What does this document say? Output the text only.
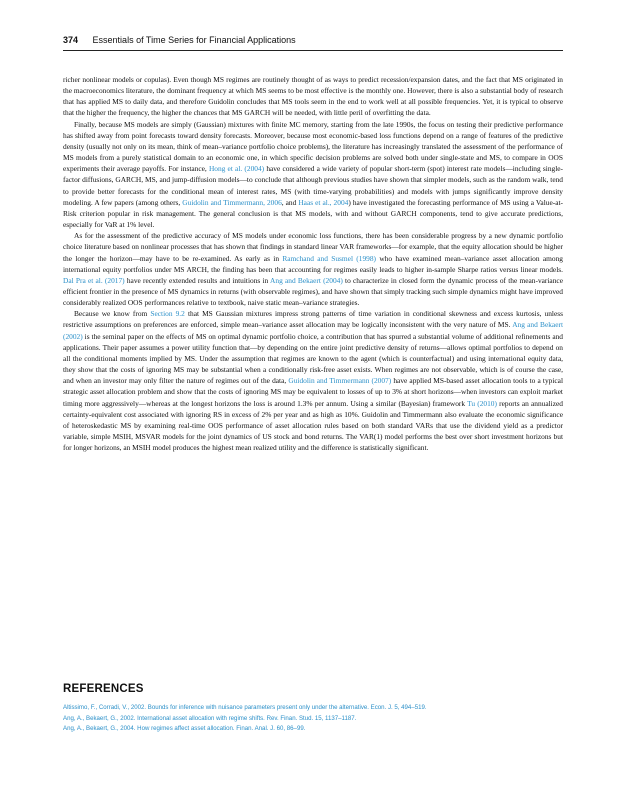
374 Essentials of Time Series for Financial Applications

richer nonlinear models or copulas). Even though MS regimes are routinely thought of as ways to predict recession/expansion dates, and the fact that MS originated in the macroeconomics literature, the dominant frequency at which MS seems to be most effective is the monthly one. However, there is also a substantial body of research that has applied MS to daily data, and therefore Guidolin concludes that MS tools seem in the end to work well at all possible frequencies. Yet, it is typical to observe that the higher the frequency, the higher the chances that MS GARCH will be needed, with little peril of overfitting the data.

Finally, because MS models are simply (Gaussian) mixtures with finite MC memory, starting from the late 1990s, the focus on testing their predictive performance has shifted away from point forecasts toward density forecasts. Moreover, because most economic-based loss functions depend on a range of features of the predictive density (usually not only on its mean, think of mean–variance portfolio choice problems), the literature has increasingly translated the assessment of the performance of MS models from a purely statistical domain to an economic one, in which specific decision problems are solved both under single-state and MS, to compare in OOS experiments their average payoffs. For instance, Hong et al. (2004) have considered a wide variety of popular short-term (spot) interest rate models—including single-factor diffusions, GARCH, MS, and jump-diffusion models—to conclude that although previous studies have shown that simpler models, such as the random walk, tend to provide better forecasts for the conditional mean of interest rates, MS (with time-varying probabilities) and models with jumps significantly improve density modeling. A few papers (among others, Guidolin and Timmermann, 2006, and Haas et al., 2004) have investigated the forecasting performance of MS using a Value-at-Risk criterion popular in risk management. The general conclusion is that MS models, with and without GARCH components, tend to give accurate predictions, especially for VaR at 1% level.

As for the assessment of the predictive accuracy of MS models under economic loss functions, there has been considerable progress by a new dynamic portfolio choice literature based on nonlinear processes that has shown that findings in standard linear VAR frameworks—for example, that the equity allocation should be higher the longer the horizon—may have to be re-examined. As early as in Ramchand and Susmel (1998) who have examined mean–variance asset allocation among international equity portfolios under MS ARCH, the finding has been that accounting for regimes easily leads to higher in-sample Sharpe ratios versus linear models. Dal Pra et al. (2017) have recently extended results and intuitions in Ang and Bekaert (2004) to characterize in closed form the dynamic process of the mean-variance efficient frontier in the presence of MS dynamics in returns (with observable regimes), and have shown that simply tracking such simple dynamics might have improved considerably realized OOS performances relative to textbook, naive static mean–variance strategies.

Because we know from Section 9.2 that MS Gaussian mixtures impress strong patterns of time variation in conditional skewness and excess kurtosis, unless restrictive assumptions on preferences are enforced, simple mean–variance asset allocation may be logically inconsistent with the very nature of MS. Ang and Bekaert (2002) is the seminal paper on the effects of MS on optimal dynamic portfolio choice, a contribution that has spurred a substantial volume of additional refinements and applications. Their paper assumes a power utility function that—by depending on the entire joint predictive density of returns—allows optimal portfolios to depend on all the conditional moments implied by MS. Under the assumption that regimes are known to the agent (which is counterfactual) and using international equity data, they show that the costs of ignoring MS may be substantial when a conditionally risk-free asset exists. When regimes are not observable, which is of course the case, and when an investor may only filter the nature of regimes out of the data, Guidolin and Timmermann (2007) have applied MS-based asset allocation tools to a typical strategic asset allocation problem and show that the costs of ignoring MS may be equivalent to losses of up to 3% at short horizons—when investors can exploit market timing more aggressively—whereas at the longest horizons the loss is around 1.3% per annum. Using a similar (Bayesian) framework Tu (2010) reports an annualized certainty-equivalent cost associated with ignoring RS in excess of 2% per year and as high as 10%. Guidolin and Timmermann also evaluate the economic significance of heteroskedastic MS by examining real-time OOS performance of asset allocation rules based on both standard VARs that use the dividend yield as a predictor variable, simple MSIH, MSVAR models for the joint dynamics of US stock and bond returns. The VAR(1) model performs the best over short investment horizons but for longer horizons, an MSIH model produces the highest mean realized utility and the difference is statistically significant.

REFERENCES
Altissimo, F., Corradi, V., 2002. Bounds for inference with nuisance parameters present only under the alternative. Econ. J. 5, 494–519.
Ang, A., Bekaert, G., 2002. International asset allocation with regime shifts. Rev. Finan. Stud. 15, 1137–1187.
Ang, A., Bekaert, G., 2004. How regimes affect asset allocation. Finan. Anal. J. 60, 86–99.
